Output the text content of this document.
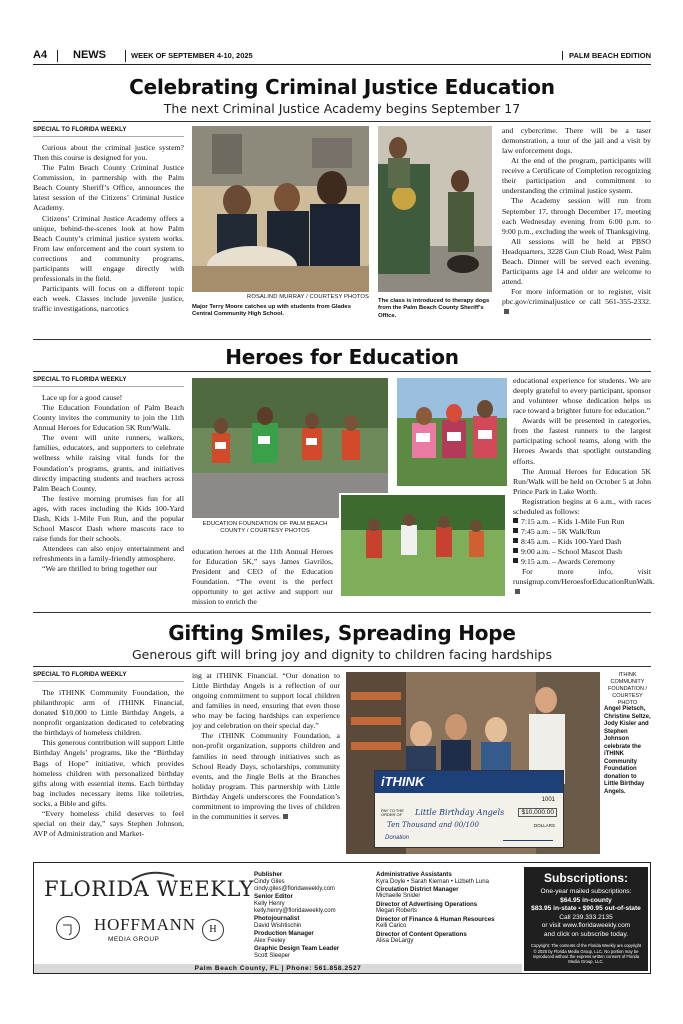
A4 NEWS	WEEK OF SEPTEMBER 4-10, 2025	PALM BEACH EDITION
Celebrating Criminal Justice Education
The next Criminal Justice Academy begins September 17
SPECIAL TO FLORIDA WEEKLY

Curious about the criminal justice system? Then this course is designed for you.

The Palm Beach County Criminal Justice Commission, in partnership with the Palm Beach County Sheriff’s Office, announces the latest session of the Citizens’ Criminal Justice Academy.

Citizens’ Criminal Justice Academy offers a unique, behind-the-scenes look at how Palm Beach County’s criminal justice system works. From law enforcement and the court system to corrections and community programs, participants will engage directly with professionals in the field.

Participants will focus on a different topic each week. Classes include juvenile justice, traffic investigations, narcotics

ROSALIND MURRAY / COURTESY PHOTOS
Major Terry Moore catches up with students from Glades Central Community High School.
The class is introduced to therapy dogs from the Palm Beach County Sheriff’s Office.

and cybercrime. There will be a taser demonstration, a tour of the jail and a visit by law enforcement dogs.

At the end of the program, participants will receive a Certificate of Completion recognizing their participation and commitment to understanding the criminal justice system.

The Academy session will run from September 17, through December 17, meeting each Wednesday evening from 6:00 p.m. to 9:00 p.m., excluding the week of Thanksgiving.

All sessions will be held at PBSO Headquarters, 3228 Gun Club Road, West Palm Beach. Dinner will be served each evening. Participants age 14 and older are welcome to attend.

For more information or to register, visit pbc.gov/criminaljustice or call 561-355-2332.

Heroes for Education
SPECIAL TO FLORIDA WEEKLY

Lace up for a good cause!

The Education Foundation of Palm Beach County invites the community to join the 11th Annual Heroes for Education 5K Run/Walk.

The event will unite runners, walkers, families, educators, and supporters to celebrate wellness while raising vital funds for the Foundation’s programs, grants, and initiatives directly impacting students and teachers across Palm Beach County.

The festive morning promises fun for all ages, with races including the Kids 100-Yard Dash, Kids 1-Mile Fun Run, and the popular School Mascot Dash where mascots race to raise funds for their schools.

Attendees can also enjoy entertainment and refreshments in a family-friendly atmosphere.

“We are thrilled to bring together our

EDUCATION FOUNDATION OF PALM BEACH COUNTY / COURTESY PHOTOS

education heroes at the 11th Annual Heroes for Education 5K,” says James Gavrilos, President and CEO of the Education Foundation. “The event is the perfect opportunity to get active and support our mission to enrich the

educational experience for students. We are deeply grateful to every participant, sponsor and volunteer whose dedication helps us race toward a brighter future for education.”

Awards will be presented in categories, from the fastest runners to the largest participating school teams, along with the Heroes Awards that spotlight outstanding efforts.

The Annual Heroes for Education 5K Run/Walk will be held on October 5 at John Prince Park in Lake Worth.

Registration begins at 6 a.m., with races scheduled as follows:

7:15 a.m. – Kids 1-Mile Fun Run
7:45 a.m. – 5K Walk/Run
8:45 a.m. – Kids 100-Yard Dash
9:00 a.m. – School Mascot Dash
9:15 a.m. – Awards Ceremony

For more info, visit runsignup.com/HeroesforEducationRunWalk.

Gifting Smiles, Spreading Hope
Generous gift will bring joy and dignity to children facing hardships
SPECIAL TO FLORIDA WEEKLY

The iTHINK Community Foundation, the philanthropic arm of iTHINK Financial, donated $10,000 to Little Birthday Angels, a nonprofit organization dedicated to celebrating the birthdays of homeless children.

This generous contribution will support Little Birthday Angels’ programs, like the “Birthday Bags of Hope” initiative, which provides homeless children with personalized birthday gifts along with essential items. Each birthday bag includes necessary items like toiletries, socks, a Bible and gifts.

“Every homeless child deserves to feel special on their day,” says Stephen Johnson, AVP of Administration and Market-

ing at iTHINK Financial. “Our donation to Little Birthday Angels is a reflection of our ongoing commitment to support local children and families in need, ensuring that even those who may be facing hardships can experience joy and celebration on their special day.”

The iTHINK Community Foundation, a non-profit organization, supports children and families in need through initiatives such as School Ready Days, scholarships, community events, and the Jingle Bells at the Branches holiday program. This partnership with Little Birthday Angels underscores the Foundation’s commitment to improving the lives of children in the communities it serves.

iTHINK
1001
PAY TO THE ORDER OF	Little Birthday Angels	$10,000.00
Ten Thousand and 00/100	DOLLARS
Donation
ITHINK COMMUNITY FOUNDATION / COURTESY PHOTO
Angel Pietsch, Christine Seltze, Jody Kisler and Stephen Johnson celebrate the iTHINK Community Foundation donation to Little Birthday Angels.
FLORIDA WEEKLY
HOFFMANN
MEDIA GROUP
H
Publisher
Cindy Giles
cindy.giles@floridaweekly.com
Senior Editor
Kelly Henry
kelly.henry@floridaweekly.com
Photojournalist
David Wishtischin
Production Manager
Alex Feeley
Graphic Design Team Leader
Scott Sleeper
Administrative Assistants
Kyra Doyle • Sarah Kiernan • Lizbeth Luna
Circulation District Manager
Michaelle Snider
Director of Advertising Operations
Megan Roberts
Director of Finance & Human Resources
Kelli Carico
Director of Content Operations
Alisa DeLargy
Subscriptions:
One-year mailed subscriptions:
$64.95 in-county
$83.95 in-state • $90.95 out-of-state
Call 239.333.2135
or visit www.floridaweekly.com
and click on subscribe today.
Copyright: The contents of the Florida Weekly are copyright © 2025 by Florida Media Group, LLC. No portion may be reproduced without the express written consent of Florida Media Group, LLC.
Palm Beach County, FL | Phone: 561.858.2527
